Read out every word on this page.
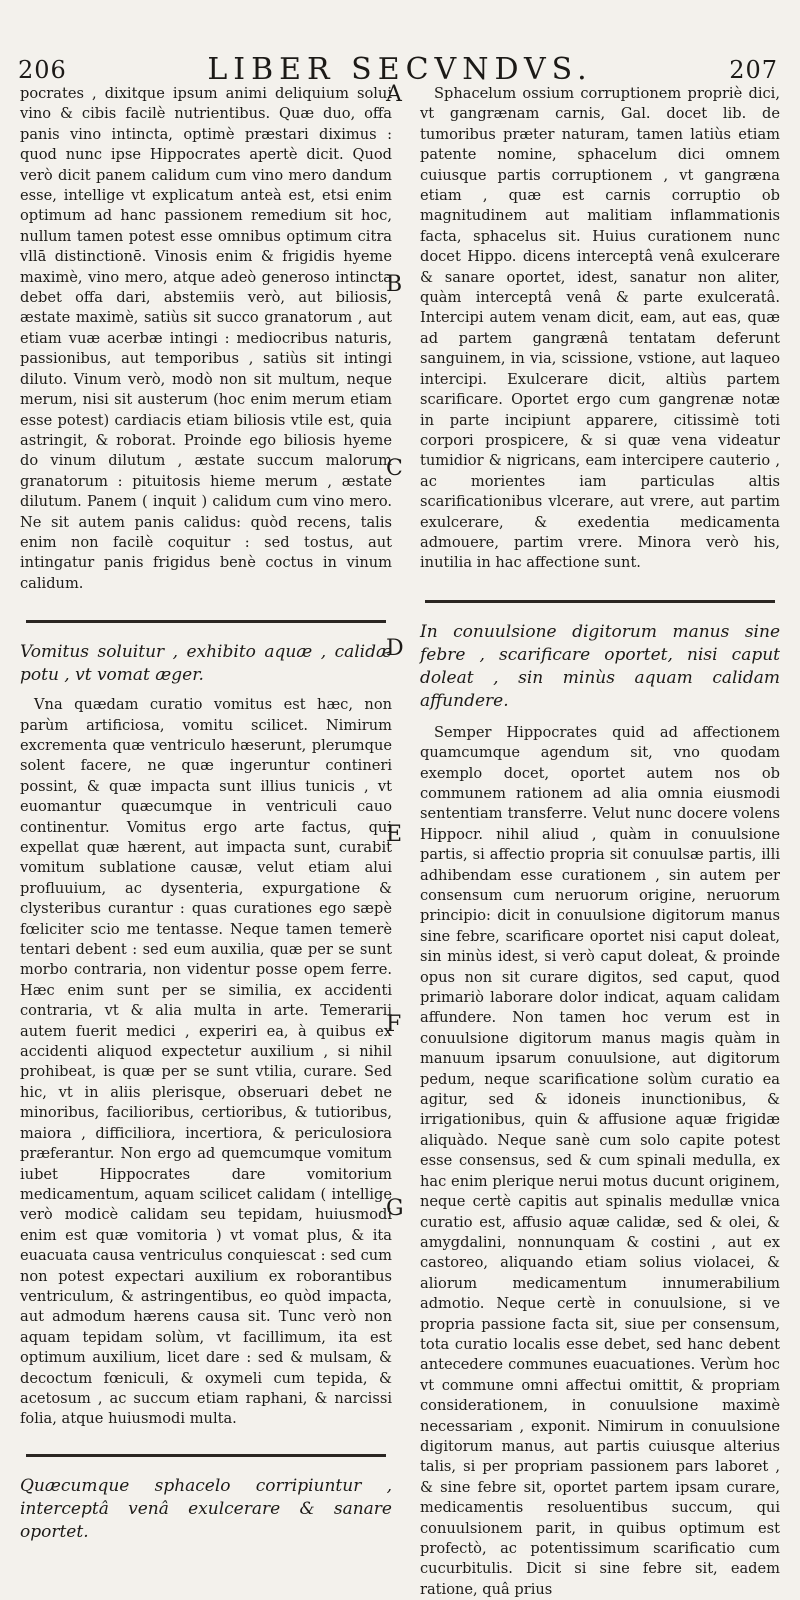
206	LIBER SECVNDVS.	207
A
B
C
D
E
F
G

pocrates , dixitque ipsum animi deliquium solui vino & cibis facilè nutrientibus. Quæ duo, offa panis vino intincta, optimè præstari diximus : quod nunc ipse Hippocrates apertè dicit. Quod verò dicit panem calidum cum vino mero dandum esse, intellige vt explicatum anteà est, etsi enim optimum ad hanc passionem remedium sit hoc, nullum tamen potest esse omnibus optimum citra vllā distinctionē. Vinosis enim & frigidis hyeme maximè, vino mero, atque adeò generoso intincta debet offa dari, abstemiis verò, aut biliosis, æstate maximè, satiùs sit succo granatorum , aut etiam vuæ acerbæ intingi : mediocribus naturis, passionibus, aut temporibus , satiùs sit intingi diluto. Vinum verò, modò non sit multum, neque merum, nisi sit austerum (hoc enim merum etiam esse potest) cardiacis etiam biliosis vtile est, quia astringit, & roborat. Proinde ego biliosis hyeme do vinum dilutum , æstate succum malorum granatorum : pituitosis hieme merum , æstate dilutum. Panem ( inquit ) calidum cum vino mero. Ne sit autem panis calidus: quòd recens, talis enim non facilè coquitur : sed tostus, aut intingatur panis frigidus benè coctus in vinum calidum.

Vomitus soluitur , exhibito aquæ , calidæ potu , vt vomat æger.

Vna quædam curatio vomitus est hæc, non parùm artificiosa, vomitu scilicet. Nimirum excrementa quæ ventriculo hæserunt, plerumque solent facere, ne quæ ingeruntur contineri possint, & quæ impacta sunt illius tunicis , vt euomantur quæcumque in ventriculi cauo continentur. Vomitus ergo arte factus, qui expellat quæ hærent, aut impacta sunt, curabit vomitum sublatione causæ, velut etiam alui profluuium, ac dysenteria, expurgatione & clysteribus curantur : quas curationes ego sæpè fœliciter scio me tentasse. Neque tamen temerè tentari debent : sed eum auxilia, quæ per se sunt morbo contraria, non videntur posse opem ferre. Hæc enim sunt per se similia, ex accidenti contraria, vt & alia multa in arte. Temerarii autem fuerit medici , experiri ea, à quibus ex accidenti aliquod expectetur auxilium , si nihil prohibeat, is quæ per se sunt vtilia, curare. Sed hic, vt in aliis plerisque, obseruari debet ne minoribus, facilioribus, certioribus, & tutioribus, maiora , difficiliora, incertiora, & periculosiora præferantur. Non ergo ad quemcumque vomitum iubet Hippocrates dare vomitorium medicamentum, aquam scilicet calidam ( intellige verò modicè calidam seu tepidam, huiusmodi enim est quæ vomitoria ) vt vomat plus, & ita euacuata causa ventriculus conquiescat : sed cum non potest expectari auxilium ex roborantibus ventriculum, & astringentibus, eo quòd impacta, aut admodum hærens causa sit. Tunc verò non aquam tepidam solùm, vt facillimum, ita est optimum auxilium, licet dare : sed & mulsam, & decoctum fœniculi, & oxymeli cum tepida, & acetosum , ac succum etiam raphani, & narcissi folia, atque huiusmodi multa.

Quæcumque sphacelo corripiuntur , interceptâ venâ exulcerare & sanare oportet.

Sphacelum ossium corruptionem propriè dici, vt gangrænam carnis, Gal. docet lib. de tumoribus præter naturam, tamen latiùs etiam patente nomine, sphacelum dici omnem cuiusque partis corruptionem , vt gangræna etiam , quæ est carnis corruptio ob magnitudinem aut malitiam inflammationis facta, sphacelus sit. Huius curationem nunc docet Hippo. dicens interceptâ venâ exulcerare & sanare oportet, idest, sanatur non aliter, quàm interceptâ venâ & parte exulceratâ. Intercipi autem venam dicit, eam, aut eas, quæ ad partem gangrænâ tentatam deferunt sanguinem, in via, scissione, vstione, aut laqueo intercipi. Exulcerare dicit, altiùs partem scarificare. Oportet ergo cum gangrenæ notæ in parte incipiunt apparere, citissimè toti corpori prospicere, & si quæ vena videatur tumidior & nigricans, eam intercipere cauterio , ac morientes iam particulas altis scarificationibus vlcerare, aut vrere, aut partim exulcerare, & exedentia medicamenta admouere, partim vrere. Minora verò his, inutilia in hac affectione sunt.

In conuulsione digitorum manus sine febre , scarificare oportet, nisi caput doleat , sin minùs aquam calidam affundere.

Semper Hippocrates quid ad affectionem quamcumque agendum sit, vno quodam exemplo docet, oportet autem nos ob communem rationem ad alia omnia eiusmodi sententiam transferre. Velut nunc docere volens Hippocr. nihil aliud , quàm in conuulsione partis, si affectio propria sit conuulsæ partis, illi adhibendam esse curationem , sin autem per consensum cum neruorum origine, neruorum principio: dicit in conuulsione digitorum manus sine febre, scarificare oportet nisi caput doleat, sin minùs idest, si verò caput doleat, & proinde opus non sit curare digitos, sed caput, quod primariò laborare dolor indicat, aquam calidam affundere. Non tamen hoc verum est in conuulsione digitorum manus magis quàm in manuum ipsarum conuulsione, aut digitorum pedum, neque scarificatione solùm curatio ea agitur, sed & idoneis inunctionibus, & irrigationibus, quin & affusione aquæ frigidæ aliquàdo. Neque sanè cum solo capite potest esse consensus, sed & cum spinali medulla, ex hac enim plerique nerui motus ducunt originem, neque certè capitis aut spinalis medullæ vnica curatio est, affusio aquæ calidæ, sed & olei, & amygdalini, nonnunquam & costini , aut ex castoreo, aliquando etiam solius violacei, & aliorum medicamentum innumerabilium admotio. Neque certè in conuulsione, si ve propria passione facta sit, siue per consensum, tota curatio localis esse debet, sed hanc debent antecedere communes euacuationes. Verùm hoc vt commune omni affectui omittit, & propriam considerationem, in conuulsione maximè necessariam , exponit. Nimirum in conuulsione digitorum manus, aut partis cuiusque alterius talis, si per propriam passionem pars laboret , & sine febre sit, oportet partem ipsam curare, medicamentis resoluentibus succum, qui conuulsionem parit, in quibus optimum est profectò, ac potentissimum scarificatio cum cucurbitulis. Dicit si sine febre sit, eadem ratione, quâ prius
